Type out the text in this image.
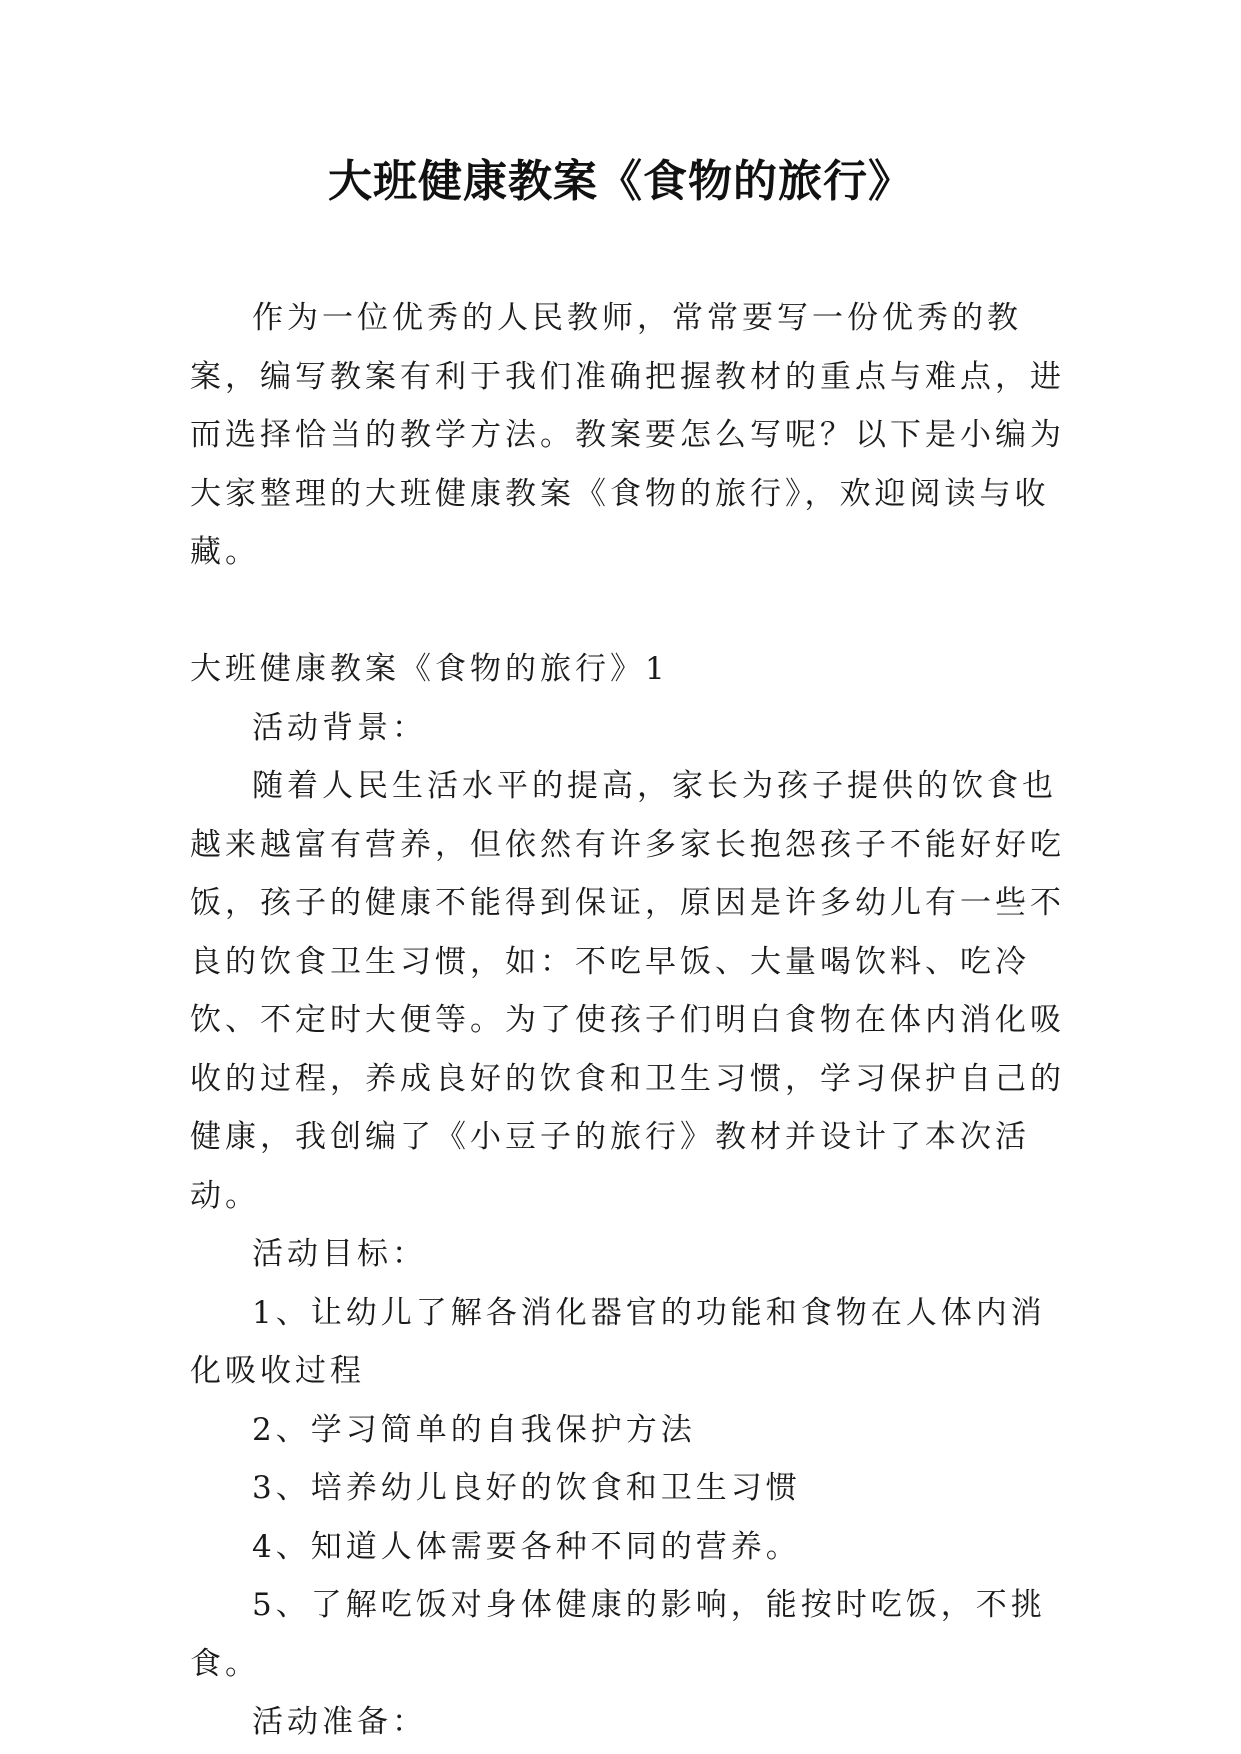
大班健康教案《食物的旅行》

作为一位优秀的人民教师，常常要写一份优秀的教案，编写教案有利于我们准确把握教材的重点与难点，进而选择恰当的教学方法。教案要怎么写呢？以下是小编为大家整理的大班健康教案《食物的旅行》，欢迎阅读与收藏。

大班健康教案《食物的旅行》1

活动背景：

随着人民生活水平的提高，家长为孩子提供的饮食也越来越富有营养，但依然有许多家长抱怨孩子不能好好吃饭，孩子的健康不能得到保证，原因是许多幼儿有一些不良的饮食卫生习惯，如：不吃早饭、大量喝饮料、吃冷饮、不定时大便等。为了使孩子们明白食物在体内消化吸收的过程，养成良好的饮食和卫生习惯，学习保护自己的健康，我创编了《小豆子的旅行》教材并设计了本次活动。

活动目标：

1、让幼儿了解各消化器官的功能和食物在人体内消化吸收过程

2、学习简单的自我保护方法

3、培养幼儿良好的饮食和卫生习惯

4、知道人体需要各种不同的营养。

5、了解吃饭对身体健康的影响，能按时吃饭，不挑食。

活动准备：
